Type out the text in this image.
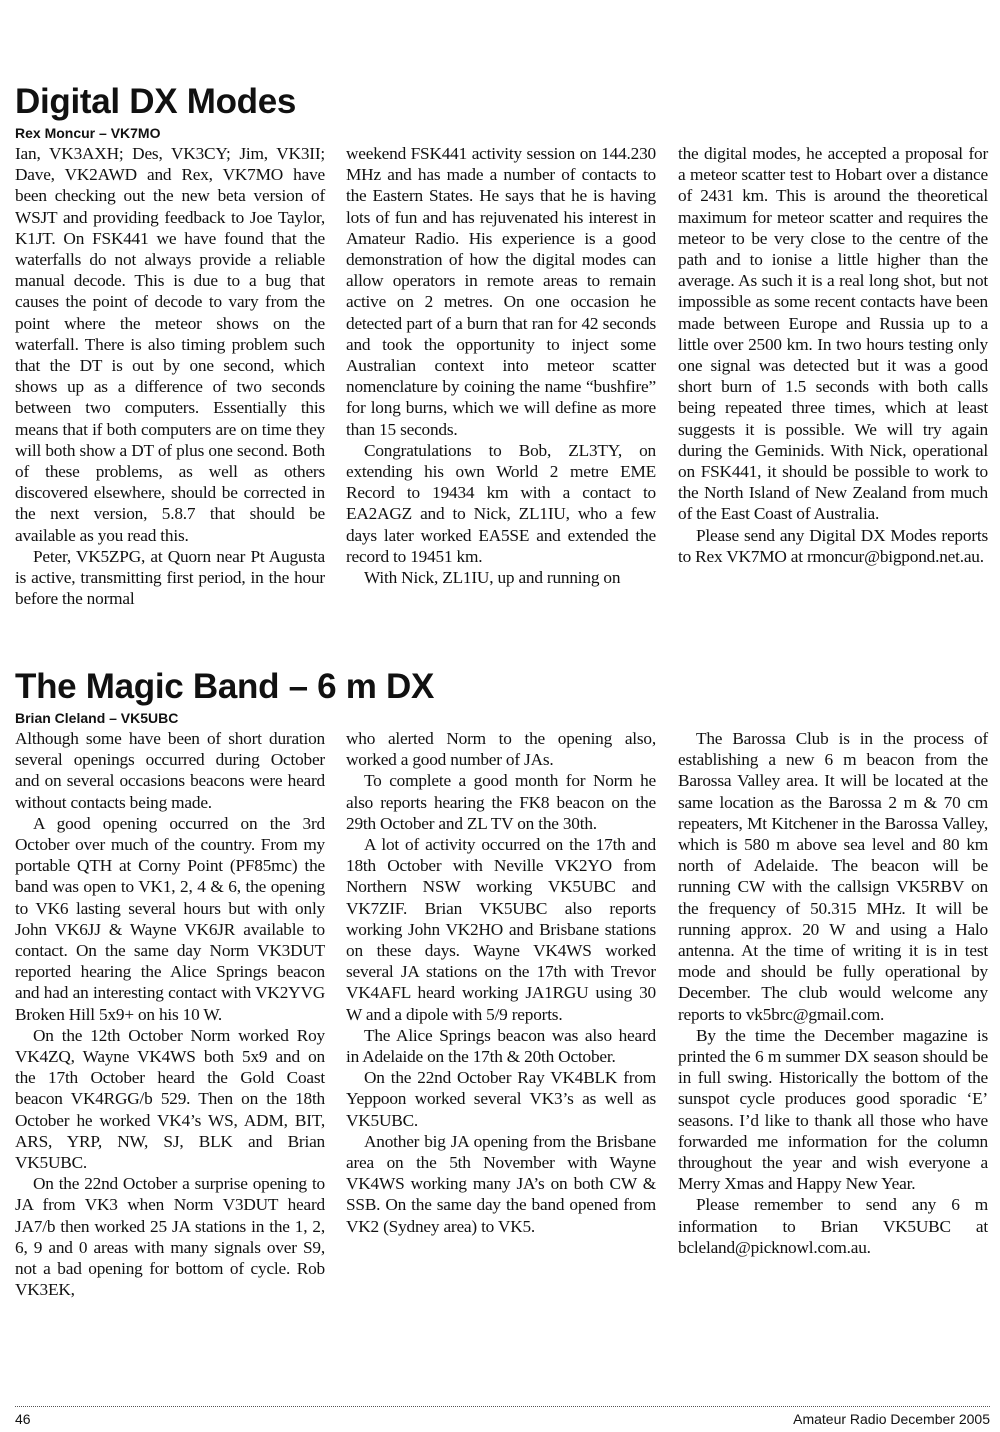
Digital DX Modes
Rex Moncur – VK7MO

Ian, VK3AXH; Des, VK3CY; Jim, VK3II; Dave, VK2AWD and Rex, VK7MO have been checking out the new beta version of WSJT and providing feedback to Joe Taylor, K1JT. On FSK441 we have found that the waterfalls do not always provide a reliable manual decode. This is due to a bug that causes the point of decode to vary from the point where the meteor shows on the waterfall. There is also timing problem such that the DT is out by one second, which shows up as a difference of two seconds between two computers. Essentially this means that if both computers are on time they will both show a DT of plus one second. Both of these problems, as well as others discovered elsewhere, should be corrected in the next version, 5.8.7 that should be available as you read this.

Peter, VK5ZPG, at Quorn near Pt Augusta is active, transmitting first period, in the hour before the normal

weekend FSK441 activity session on 144.230 MHz and has made a number of contacts to the Eastern States. He says that he is having lots of fun and has rejuvenated his interest in Amateur Radio. His experience is a good demonstration of how the digital modes can allow operators in remote areas to remain active on 2 metres. On one occasion he detected part of a burn that ran for 42 seconds and took the opportunity to inject some Australian context into meteor scatter nomenclature by coining the name “bushfire” for long burns, which we will define as more than 15 seconds.

Congratulations to Bob, ZL3TY, on extending his own World 2 metre EME Record to 19434 km with a contact to EA2AGZ and to Nick, ZL1IU, who a few days later worked EA5SE and extended the record to 19451 km.

With Nick, ZL1IU, up and running on

the digital modes, he accepted a proposal for a meteor scatter test to Hobart over a distance of 2431 km. This is around the theoretical maximum for meteor scatter and requires the meteor to be very close to the centre of the path and to ionise a little higher than the average. As such it is a real long shot, but not impossible as some recent contacts have been made between Europe and Russia up to a little over 2500 km. In two hours testing only one signal was detected but it was a good short burn of 1.5 seconds with both calls being repeated three times, which at least suggests it is possible. We will try again during the Geminids. With Nick, operational on FSK441, it should be possible to work to the North Island of New Zealand from much of the East Coast of Australia.

Please send any Digital DX Modes reports to Rex VK7MO at rmoncur@bigpond.net.au.

The Magic Band – 6 m DX
Brian Cleland – VK5UBC

Although some have been of short duration several openings occurred during October and on several occasions beacons were heard without contacts being made.

A good opening occurred on the 3rd October over much of the country. From my portable QTH at Corny Point (PF85mc) the band was open to VK1, 2, 4 & 6, the opening to VK6 lasting several hours but with only John VK6JJ & Wayne VK6JR available to contact. On the same day Norm VK3DUT reported hearing the Alice Springs beacon and had an interesting contact with VK2YVG Broken Hill 5x9+ on his 10 W.

On the 12th October Norm worked Roy VK4ZQ, Wayne VK4WS both 5x9 and on the 17th October heard the Gold Coast beacon VK4RGG/b 529. Then on the 18th October he worked VK4’s WS, ADM, BIT, ARS, YRP, NW, SJ, BLK and Brian VK5UBC.

On the 22nd October a surprise opening to JA from VK3 when Norm V3DUT heard JA7/b then worked 25 JA stations in the 1, 2, 6, 9 and 0 areas with many signals over S9, not a bad opening for bottom of cycle. Rob VK3EK,

who alerted Norm to the opening also, worked a good number of JAs.

To complete a good month for Norm he also reports hearing the FK8 beacon on the 29th October and ZL TV on the 30th.

A lot of activity occurred on the 17th and 18th October with Neville VK2YO from Northern NSW working VK5UBC and VK7ZIF. Brian VK5UBC also reports working John VK2HO and Brisbane stations on these days. Wayne VK4WS worked several JA stations on the 17th with Trevor VK4AFL heard working JA1RGU using 30 W and a dipole with 5/9 reports.

The Alice Springs beacon was also heard in Adelaide on the 17th & 20th October.

On the 22nd October Ray VK4BLK from Yeppoon worked several VK3’s as well as VK5UBC.

Another big JA opening from the Brisbane area on the 5th November with Wayne VK4WS working many JA’s on both CW & SSB. On the same day the band opened from VK2 (Sydney area) to VK5.

The Barossa Club is in the process of establishing a new 6 m beacon from the Barossa Valley area. It will be located at the same location as the Barossa 2 m & 70 cm repeaters, Mt Kitchener in the Barossa Valley, which is 580 m above sea level and 80 km north of Adelaide. The beacon will be running CW with the callsign VK5RBV on the frequency of 50.315 MHz. It will be running approx. 20 W and using a Halo antenna. At the time of writing it is in test mode and should be fully operational by December. The club would welcome any reports to vk5brc@gmail.com.

By the time the December magazine is printed the 6 m summer DX season should be in full swing. Historically the bottom of the sunspot cycle produces good sporadic ‘E’ seasons. I’d like to thank all those who have forwarded me information for the column throughout the year and wish everyone a Merry Xmas and Happy New Year.

Please remember to send any 6 m information to Brian VK5UBC at bcleland@picknowl.com.au.

46	Amateur Radio December 2005
